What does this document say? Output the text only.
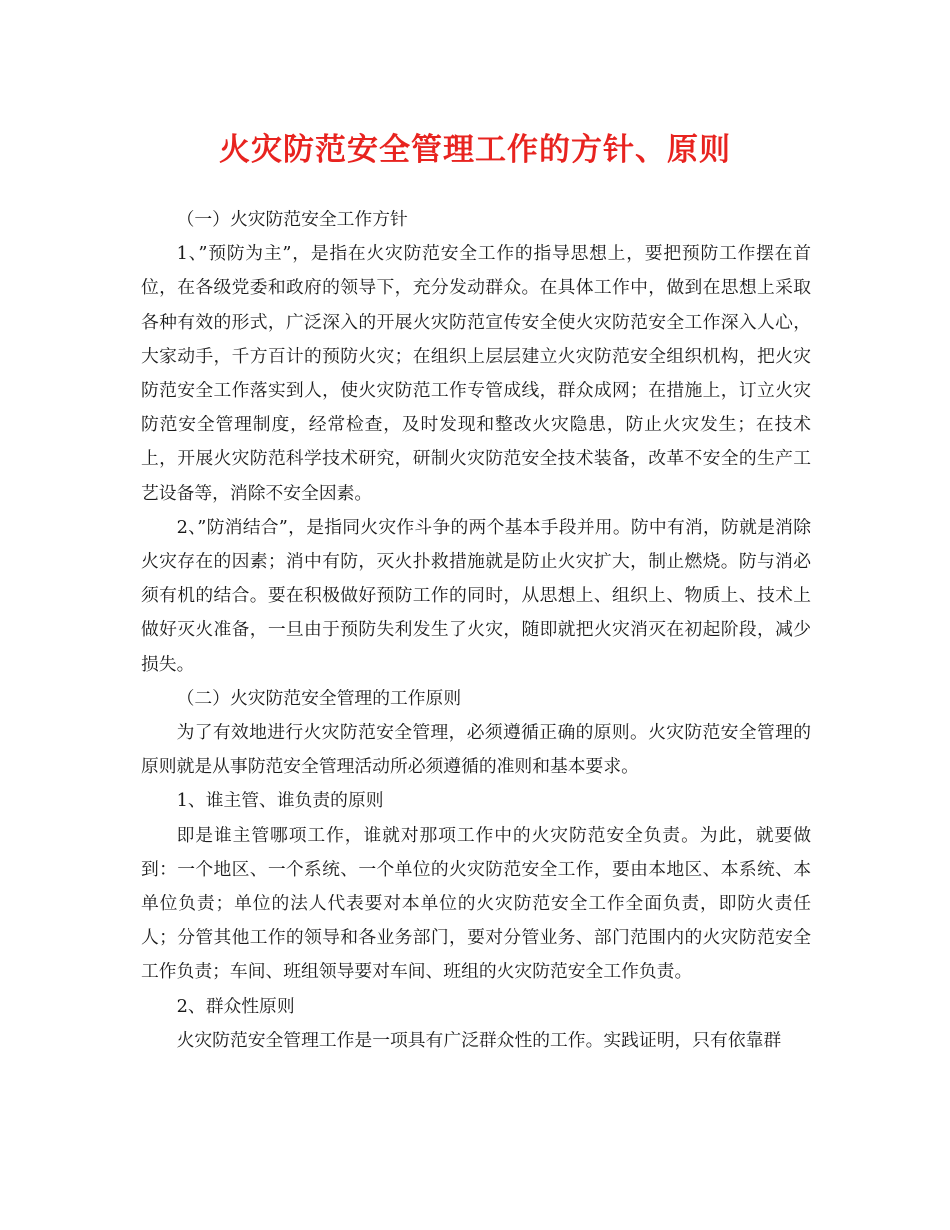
火灾防范安全管理工作的方针、原则

（一）火灾防范安全工作方针

1、”预防为主”，是指在火灾防范安全工作的指导思想上，要把预防工作摆在首位，在各级党委和政府的领导下，充分发动群众。在具体工作中，做到在思想上采取各种有效的形式，广泛深入的开展火灾防范宣传安全使火灾防范安全工作深入人心，大家动手，千方百计的预防火灾；在组织上层层建立火灾防范安全组织机构，把火灾防范安全工作落实到人，使火灾防范工作专管成线，群众成网；在措施上，订立火灾防范安全管理制度，经常检查，及时发现和整改火灾隐患，防止火灾发生；在技术上，开展火灾防范科学技术研究，研制火灾防范安全技术装备，改革不安全的生产工艺设备等，消除不安全因素。

2、”防消结合”，是指同火灾作斗争的两个基本手段并用。防中有消，防就是消除火灾存在的因素；消中有防，灭火扑救措施就是防止火灾扩大，制止燃烧。防与消必须有机的结合。要在积极做好预防工作的同时，从思想上、组织上、物质上、技术上做好灭火准备，一旦由于预防失利发生了火灾，随即就把火灾消灭在初起阶段，减少损失。

（二）火灾防范安全管理的工作原则

为了有效地进行火灾防范安全管理，必须遵循正确的原则。火灾防范安全管理的原则就是从事防范安全管理活动所必须遵循的准则和基本要求。

1、谁主管、谁负责的原则

即是谁主管哪项工作，谁就对那项工作中的火灾防范安全负责。为此，就要做到：一个地区、一个系统、一个单位的火灾防范安全工作，要由本地区、本系统、本单位负责；单位的法人代表要对本单位的火灾防范安全工作全面负责，即防火责任人；分管其他工作的领导和各业务部门，要对分管业务、部门范围内的火灾防范安全工作负责；车间、班组领导要对车间、班组的火灾防范安全工作负责。

2、群众性原则

火灾防范安全管理工作是一项具有广泛群众性的工作。实践证明，只有依靠群
